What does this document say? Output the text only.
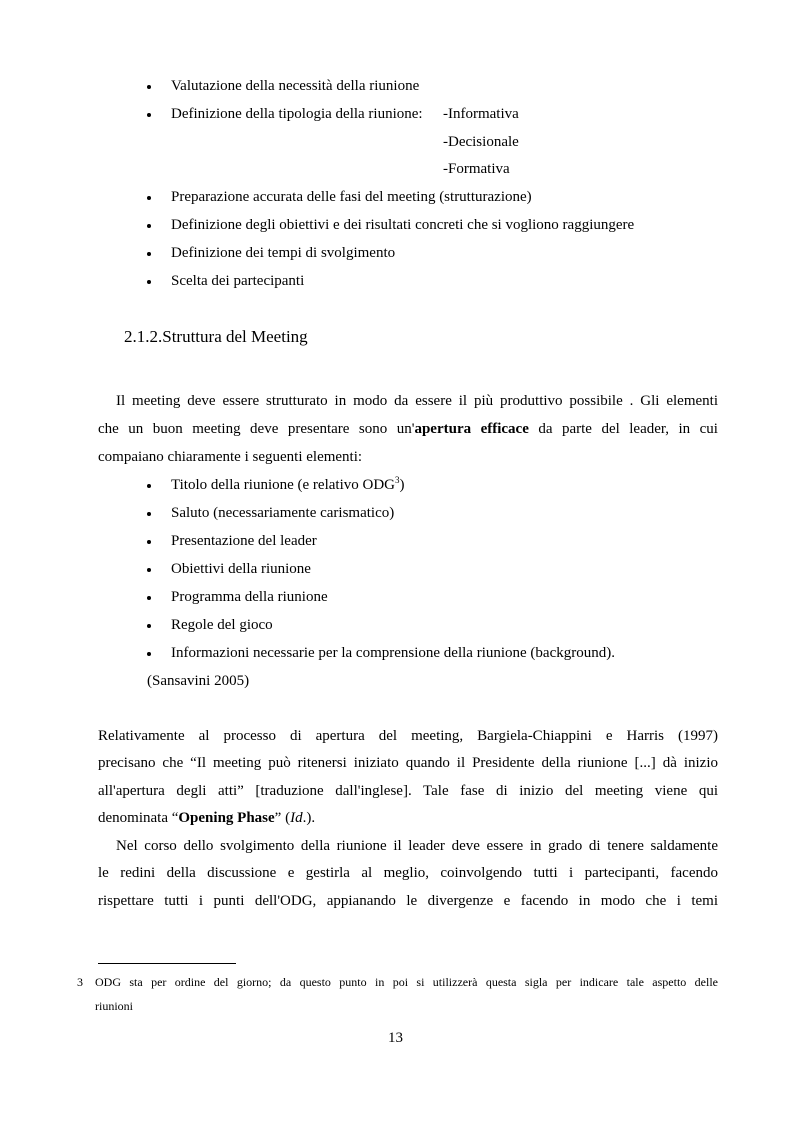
Valutazione della necessità della riunione
Definizione della tipologia della riunione: -Informativa
-Decisionale
-Formativa
Preparazione accurata delle fasi del meeting (strutturazione)
Definizione degli obiettivi e dei risultati concreti che si vogliono raggiungere
Definizione dei tempi di svolgimento
Scelta dei partecipanti
2.1.2.Struttura del Meeting
Il meeting deve essere strutturato in modo da essere il più produttivo possibile . Gli elementi
che un buon meeting deve presentare sono un'apertura efficace da parte del leader, in cui
compaiano chiaramente i seguenti elementi:
Titolo della riunione (e relativo ODG$^3$)
Saluto (necessariamente carismatico)
Presentazione del leader
Obiettivi della riunione
Programma della riunione
Regole del gioco
Informazioni necessarie per la comprensione della riunione (background).
(Sansavini 2005)
Relativamente al processo di apertura del meeting, Bargiela-Chiappini e Harris (1997)
precisano che “Il meeting può ritenersi iniziato quando il Presidente della riunione [...] dà inizio
all'apertura degli atti” [traduzione dall'inglese]. Tale fase di inizio del meeting viene qui
denominata “Opening Phase” (Id.).
Nel corso dello svolgimento della riunione il leader deve essere in grado di tenere saldamente
le redini della discussione e gestirla al meglio, coinvolgendo tutti i partecipanti, facendo
rispettare tutti i punti dell'ODG, appianando le divergenze e facendo in modo che i temi
3 ODG sta per ordine del giorno; da questo punto in poi si utilizzerà questa sigla per indicare tale aspetto delle
riunioni
13
